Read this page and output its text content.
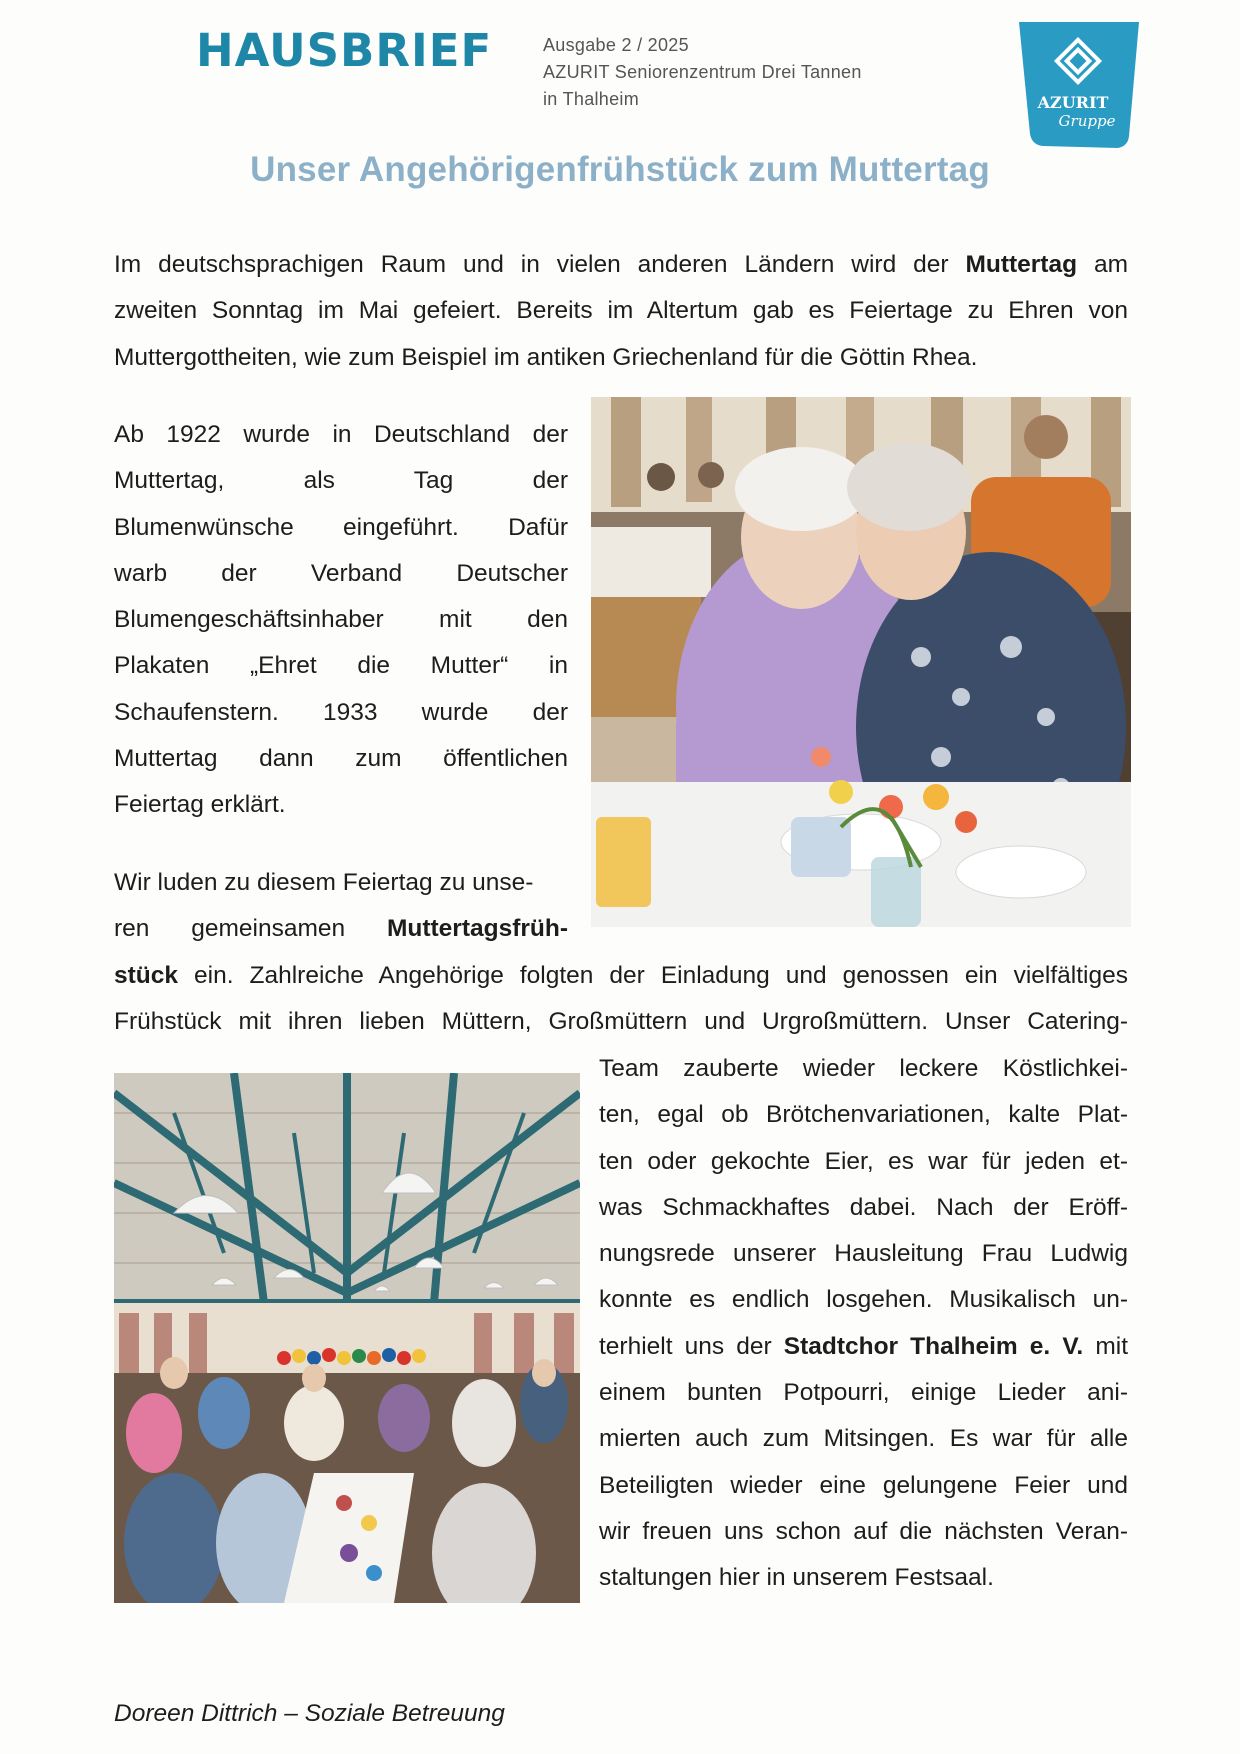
HAUSBRIEF	Ausgabe 2 / 2025
AZURIT Seniorenzentrum Drei Tannen
in Thalheim	AZURIT
Gruppe
Unser Angehörigenfrühstück zum Muttertag
Im deutschsprachigen Raum und in vielen anderen Ländern wird der Muttertag am
zweiten Sonntag im Mai gefeiert. Bereits im Altertum gab es Feiertage zu Ehren von
Muttergottheiten, wie zum Beispiel im antiken Griechenland für die Göttin Rhea.
Ab 1922 wurde in Deutschland der
Muttertag, als Tag der
Blumenwünsche eingeführt. Dafür
warb der Verband Deutscher
Blumengeschäftsinhaber mit den
Plakaten „Ehret die Mutter“ in
Schaufenstern. 1933 wurde der
Muttertag dann zum öffentlichen
Feiertag erklärt.
Wir luden zu diesem Feiertag zu unse-
ren gemeinsamen Muttertagsfrüh-
stück ein. Zahlreiche Angehörige folgten der Einladung und genossen ein vielfältiges
Frühstück mit ihren lieben Müttern, Großmüttern und Urgroßmüttern. Unser Catering-
Team zauberte wieder leckere Köstlichkei-
ten, egal ob Brötchenvariationen, kalte Plat-
ten oder gekochte Eier, es war für jeden et-
was Schmackhaftes dabei. Nach der Eröff-
nungsrede unserer Hausleitung Frau Ludwig
konnte es endlich losgehen. Musikalisch un-
terhielt uns der Stadtchor Thalheim e. V. mit
einem bunten Potpourri, einige Lieder ani-
mierten auch zum Mitsingen. Es war für alle
Beteiligten wieder eine gelungene Feier und
wir freuen uns schon auf die nächsten Veran-
staltungen hier in unserem Festsaal.
Doreen Dittrich – Soziale Betreuung
